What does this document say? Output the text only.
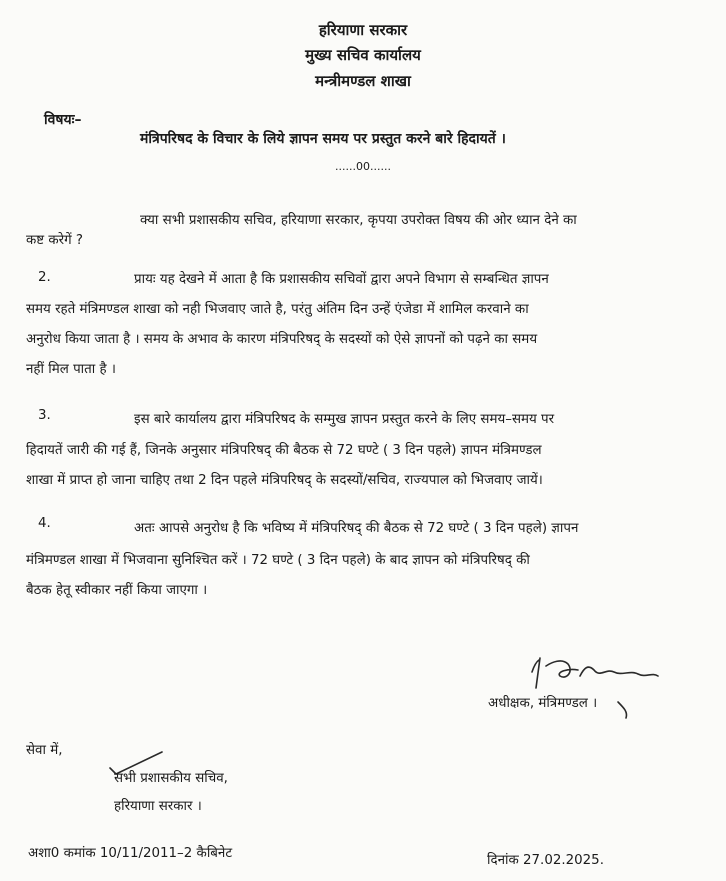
हरियाणा सरकार
मुख्य सचिव कार्यालय
मन्त्रीमण्डल शाखा
विषयः–
मंत्रिपरिषद के विचार के लिये ज्ञापन समय पर प्रस्तुत करने बारे हिदायतें ।
......00......
क्या सभी प्रशासकीय सचिव, हरियाणा सरकार, कृपया उपरोक्त विषय की ओर ध्यान देने का
कष्ट करेगें ?
2.	प्रायः यह देखने में आता है कि प्रशासकीय सचिवों द्वारा अपने विभाग से सम्बन्धित ज्ञापन
समय रहते मंत्रिमण्डल शाखा को नही भिजवाए जाते है, परंतु अंतिम दिन उन्हें एंजेडा में शामिल करवाने का
अनुरोध किया जाता है । समय के अभाव के कारण मंत्रिपरिषद् के सदस्यों को ऐसे ज्ञापनों को पढ़ने का समय
नहीं मिल पाता है ।
3.	इस बारे कार्यालय द्वारा मंत्रिपरिषद के सम्मुख ज्ञापन प्रस्तुत करने के लिए समय–समय पर
हिदायतें जारी की गई हैं, जिनके अनुसार मंत्रिपरिषद् की बैठक से 72 घण्टे ( 3 दिन पहले) ज्ञापन मंत्रिमण्डल
शाखा में प्राप्त हो जाना चाहिए तथा 2 दिन पहले मंत्रिपरिषद् के सदस्यों/सचिव, राज्यपाल को भिजवाए जायें।
4.	अतः आपसे अनुरोध है कि भविष्य में मंत्रिपरिषद् की बैठक से 72 घण्टे ( 3 दिन पहले) ज्ञापन
मंत्रिमण्डल शाखा में भिजवाना सुनिश्चित करें । 72 घण्टे ( 3 दिन पहले) के बाद ज्ञापन को मंत्रिपरिषद् की
बैठक हेतू स्वीकार नहीं किया जाएगा ।
अधीक्षक, मंत्रिमण्डल ।
सेवा में,
सभी प्रशासकीय सचिव,
हरियाणा सरकार ।
अशा0 कमांक 10/11/2011–2 कैबिनेट	दिनांक 27.02.2025.
